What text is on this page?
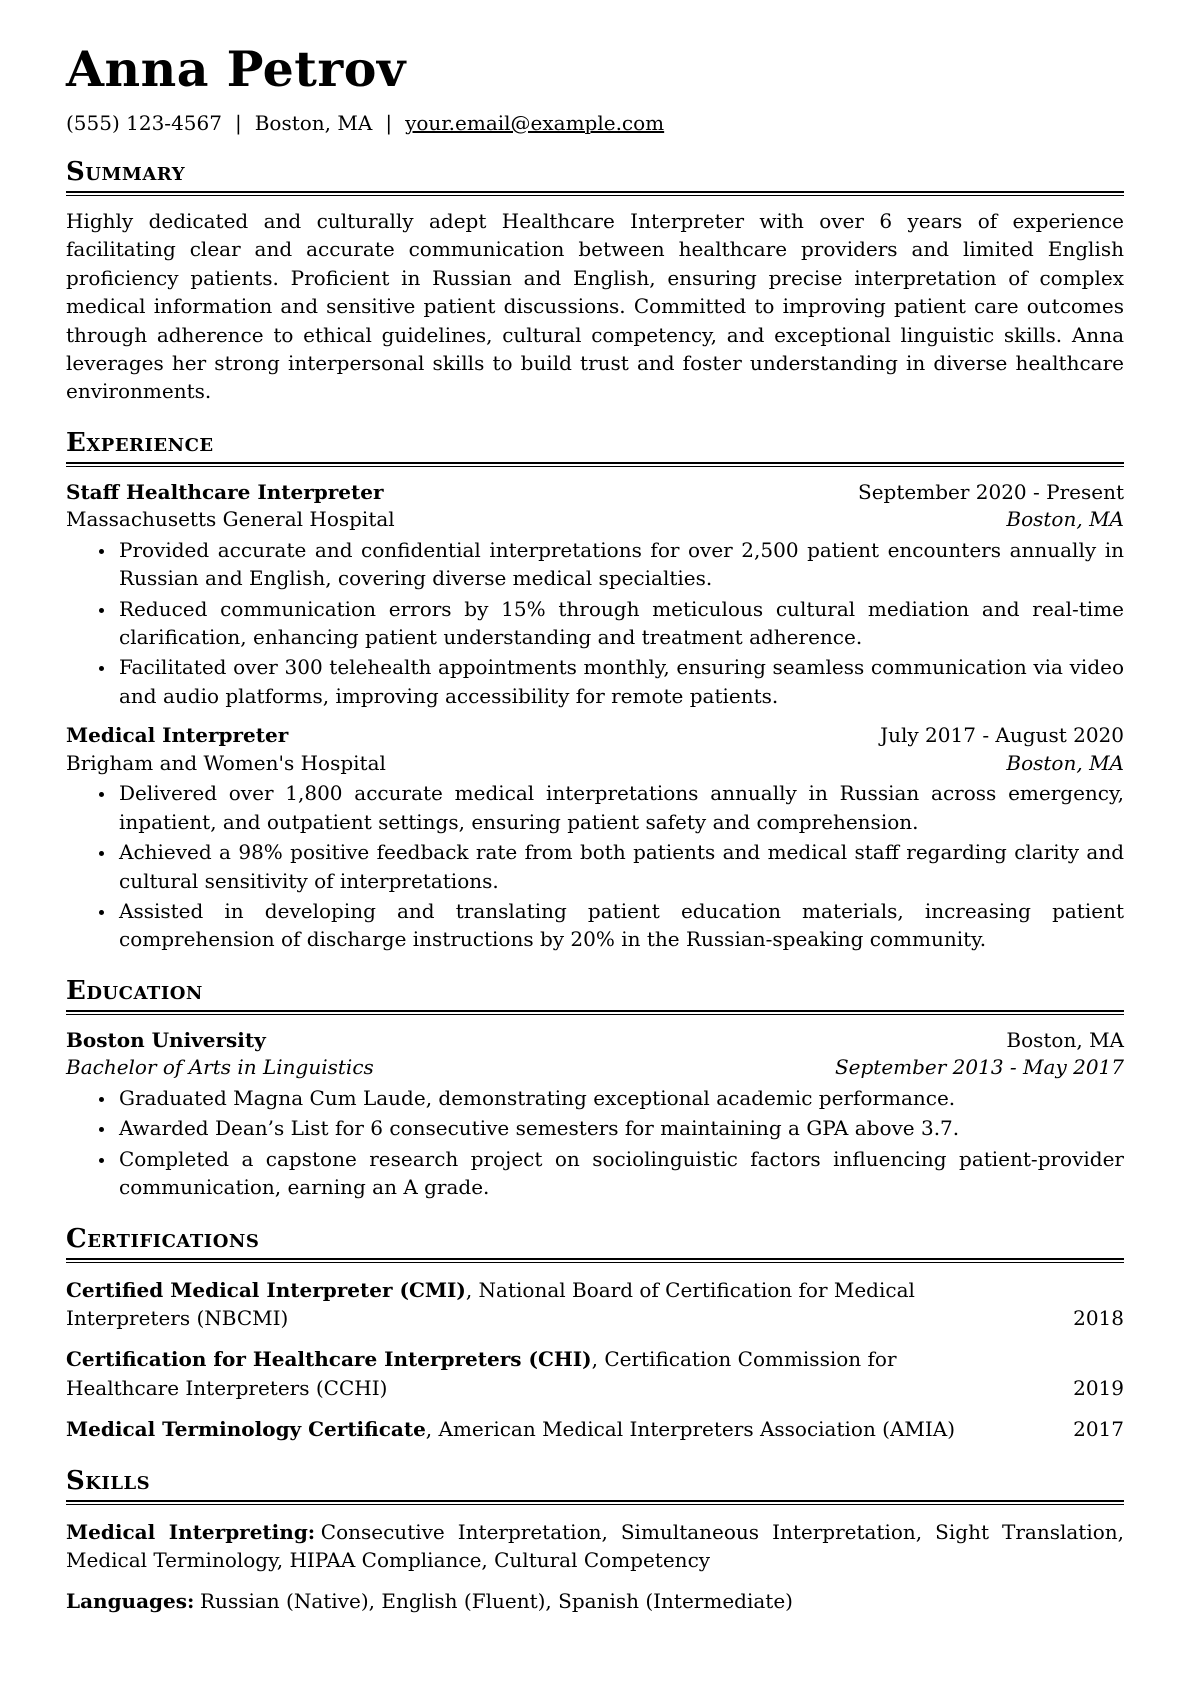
Anna Petrov
(555) 123-4567 | Boston, MA | your.email@example.com
Summary

Highly dedicated and culturally adept Healthcare Interpreter with over 6 years of experience facilitating clear and accurate communication between healthcare providers and limited English proficiency patients. Proficient in Russian and English, ensuring precise interpretation of complex medical information and sensitive patient discussions. Committed to improving patient care outcomes through adherence to ethical guidelines, cultural competency, and exceptional linguistic skills. Anna leverages her strong interpersonal skills to build trust and foster understanding in diverse healthcare environments.

Experience
Staff Healthcare Interpreter	September 2020 - Present
Massachusetts General Hospital	Boston, MA
• Provided accurate and confidential interpretations for over 2,500 patient encounters annually in Russian and English, covering diverse medical specialties.
• Reduced communication errors by 15% through meticulous cultural mediation and real-time clarification, enhancing patient understanding and treatment adherence.
• Facilitated over 300 telehealth appointments monthly, ensuring seamless communication via video and audio platforms, improving accessibility for remote patients.
Medical Interpreter	July 2017 - August 2020
Brigham and Women's Hospital	Boston, MA
• Delivered over 1,800 accurate medical interpretations annually in Russian across emergency, inpatient, and outpatient settings, ensuring patient safety and comprehension.
• Achieved a 98% positive feedback rate from both patients and medical staff regarding clarity and cultural sensitivity of interpretations.
• Assisted in developing and translating patient education materials, increasing patient comprehension of discharge instructions by 20% in the Russian-speaking community.
Education
Boston University	Boston, MA
Bachelor of Arts in Linguistics	September 2013 - May 2017
• Graduated Magna Cum Laude, demonstrating exceptional academic performance.
• Awarded Dean’s List for 6 consecutive semesters for maintaining a GPA above 3.7.
• Completed a capstone research project on sociolinguistic factors influencing patient-provider communication, earning an A grade.
Certifications

Certified Medical Interpreter (CMI), National Board of Certification for Medical Interpreters (NBCMI)	2018

Certification for Healthcare Interpreters (CHI), Certification Commission for Healthcare Interpreters (CCHI)	2019

Medical Terminology Certificate, American Medical Interpreters Association (AMIA)	2017
Skills

Medical Interpreting: Consecutive Interpretation, Simultaneous Interpretation, Sight Translation, Medical Terminology, HIPAA Compliance, Cultural Competency

Languages: Russian (Native), English (Fluent), Spanish (Intermediate)
